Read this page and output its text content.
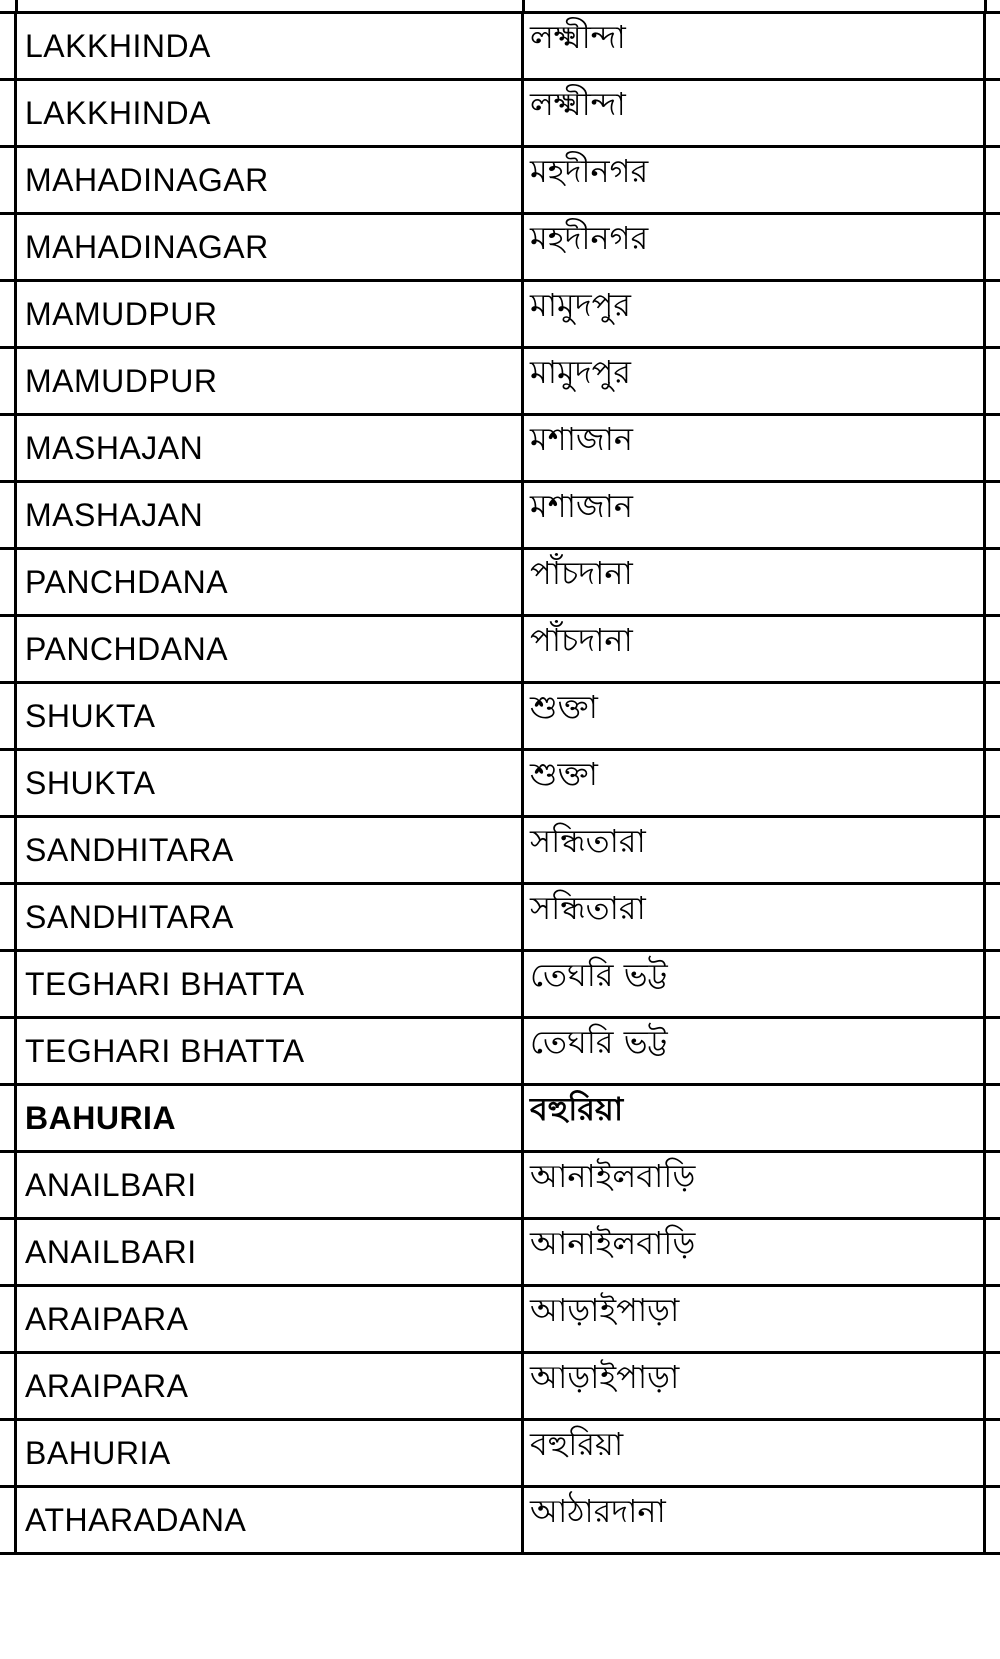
LAKKHINDA	লক্ষ্মীন্দা
LAKKHINDA	লক্ষ্মীন্দা
MAHADINAGAR	মহদীনগর
MAHADINAGAR	মহদীনগর
MAMUDPUR	মামুদপুর
MAMUDPUR	মামুদপুর
MASHAJAN	মশাজান
MASHAJAN	মশাজান
PANCHDANA	পাঁচদানা
PANCHDANA	পাঁচদানা
SHUKTA	শুক্তা
SHUKTA	শুক্তা
SANDHITARA	সন্ধিতারা
SANDHITARA	সন্ধিতারা
TEGHARI BHATTA	তেঘরি ভট্ট
TEGHARI BHATTA	তেঘরি ভট্ট
BAHURIA	বহুরিয়া
ANAILBARI	আনাইলবাড়ি
ANAILBARI	আনাইলবাড়ি
ARAIPARA	আড়াইপাড়া
ARAIPARA	আড়াইপাড়া
BAHURIA	বহুরিয়া
ATHARADANA	আঠারদানা
